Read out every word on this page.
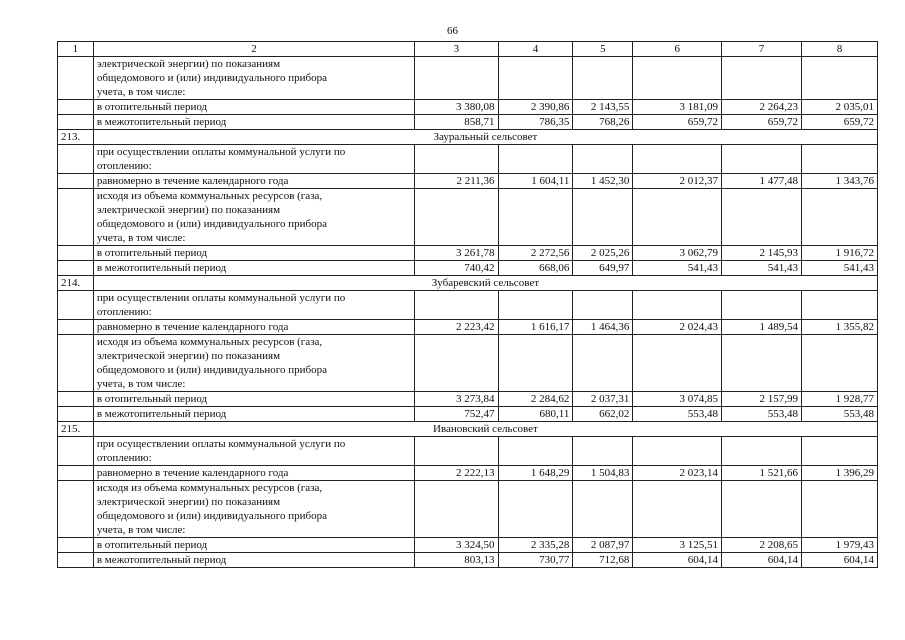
66
1	2	3	4	5	6	7	8

	электрической энергии) по показаниям
общедомового и (или) индивидуального прибора
учета, в том числе:						

	в отопительный период	3 380,08	2 390,86	2 143,55	3 181,09	2 264,23	2 035,01
	в межотопительный период	858,71	786,35	768,26	659,72	659,72	659,72
213.	Зауральный сельсовет						

	при осуществлении оплаты коммунальной услуги по
отоплению:						

	равномерно в течение календарного года	2 211,36	1 604,11	1 452,30	2 012,37	1 477,48	1 343,76

	исходя из объема коммунальных ресурсов (газа,
электрической энергии) по показаниям
общедомового и (или) индивидуального прибора
учета, в том числе:						

	в отопительный период	3 261,78	2 272,56	2 025,26	3 062,79	2 145,93	1 916,72
	в межотопительный период	740,42	668,06	649,97	541,43	541,43	541,43
214.	Зубаревский сельсовет						

	при осуществлении оплаты коммунальной услуги по
отоплению:						

	равномерно в течение календарного года	2 223,42	1 616,17	1 464,36	2 024,43	1 489,54	1 355,82

	исходя из объема коммунальных ресурсов (газа,
электрической энергии) по показаниям
общедомового и (или) индивидуального прибора
учета, в том числе:						

	в отопительный период	3 273,84	2 284,62	2 037,31	3 074,85	2 157,99	1 928,77
	в межотопительный период	752,47	680,11	662,02	553,48	553,48	553,48
215.	Ивановский сельсовет						

	при осуществлении оплаты коммунальной услуги по
отоплению:						

	равномерно в течение календарного года	2 222,13	1 648,29	1 504,83	2 023,14	1 521,66	1 396,29

	исходя из объема коммунальных ресурсов (газа,
электрической энергии) по показаниям
общедомового и (или) индивидуального прибора
учета, в том числе:						

	в отопительный период	3 324,50	2 335,28	2 087,97	3 125,51	2 208,65	1 979,43
	в межотопительный период	803,13	730,77	712,68	604,14	604,14	604,14
